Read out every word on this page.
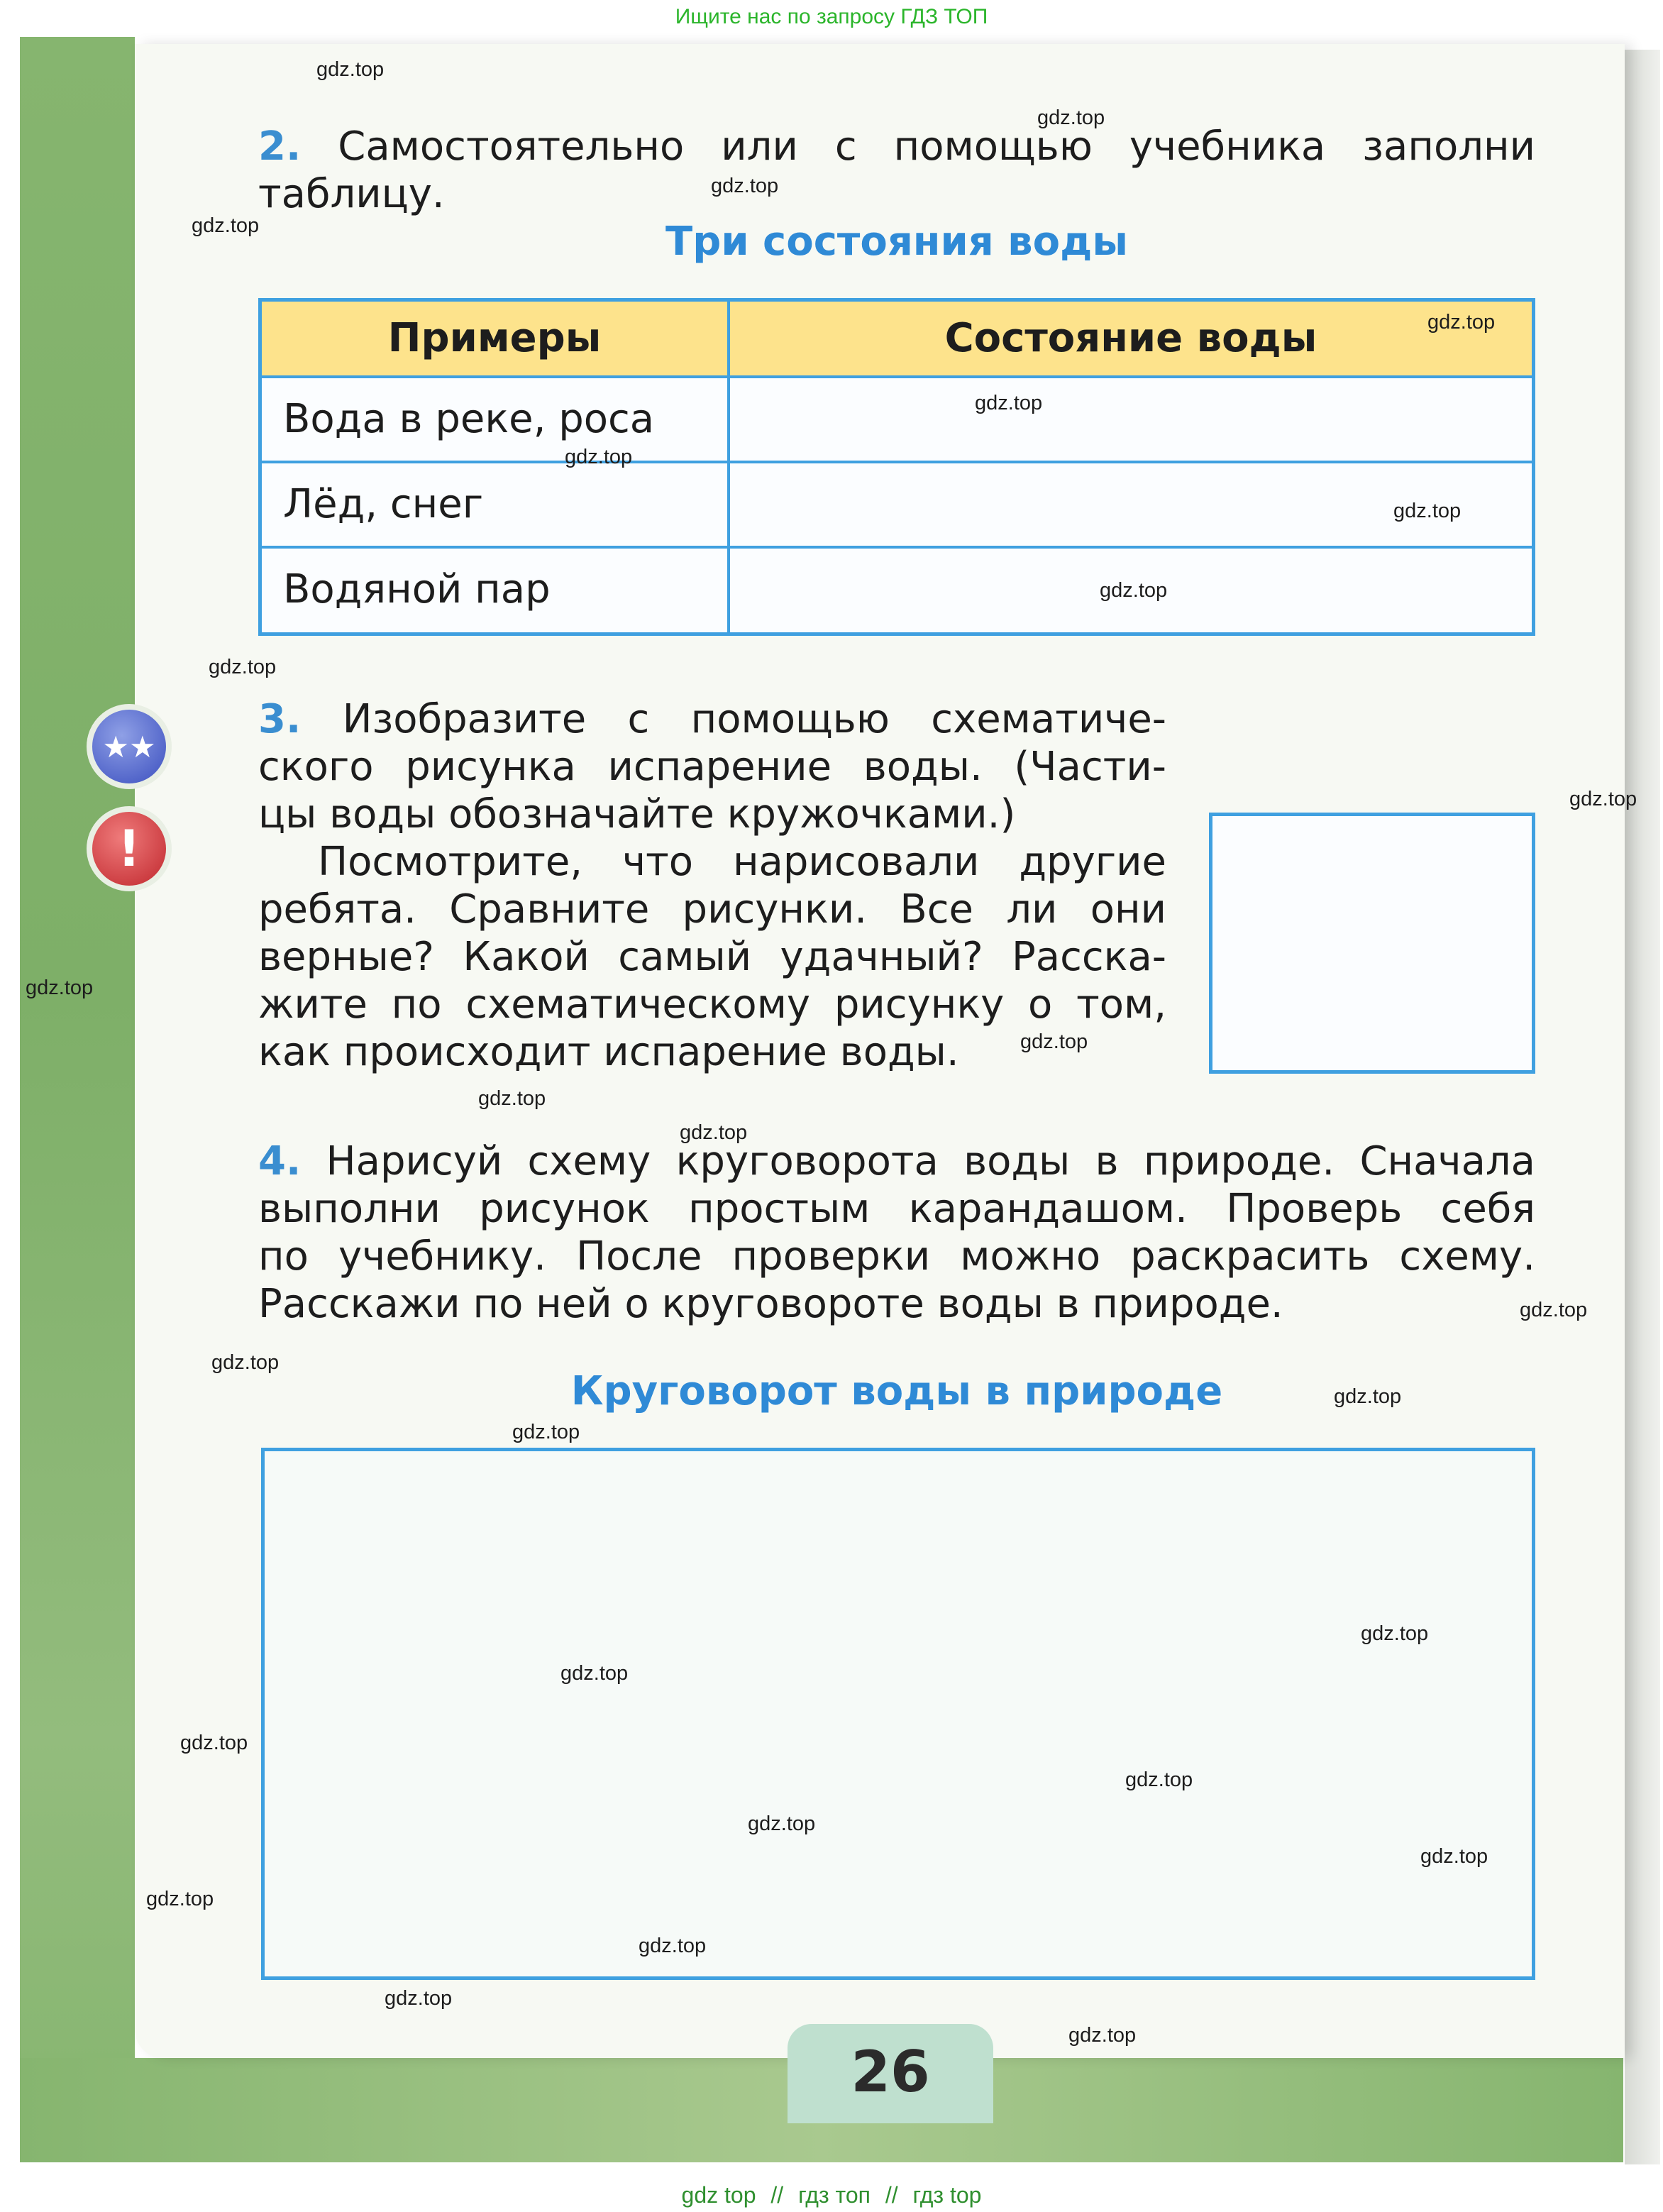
Ищите нас по запросу ГДЗ ТОП
★★
!
2. Самостоятельно или с помощью учебника заполни
таблицу.
Три состояния воды
Примеры	Состояние воды
Вода в реке, роса
Лёд, снег
Водяной пар
3. Изобразите с помощью схематиче-
ского рисунка испарение воды. (Части-
цы воды обозначайте кружочками.)
Посмотрите, что нарисовали другие
ребята. Сравните рисунки. Все ли они
верные? Какой самый удачный? Расска-
жите по схематическому рисунку о том,
как происходит испарение воды.
4. Нарисуй схему круговорота воды в природе. Сначала
выполни рисунок простым карандашом. Проверь себя
по учебнику. После проверки можно раскрасить схему.
Расскажи по ней о круговороте воды в природе.
Круговорот воды в природе
26
gdz.top
gdz.top
gdz.top
gdz.top
gdz.top
gdz.top
gdz.top
gdz.top
gdz.top
gdz.top
gdz.top
gdz.top
gdz.top
gdz.top
gdz.top
gdz.top
gdz.top
gdz.top
gdz.top
gdz.top
gdz.top
gdz.top
gdz.top
gdz.top
gdz.top
gdz.top
gdz.top
gdz.top
gdz.top
gdz top // гдз топ // гдз top
